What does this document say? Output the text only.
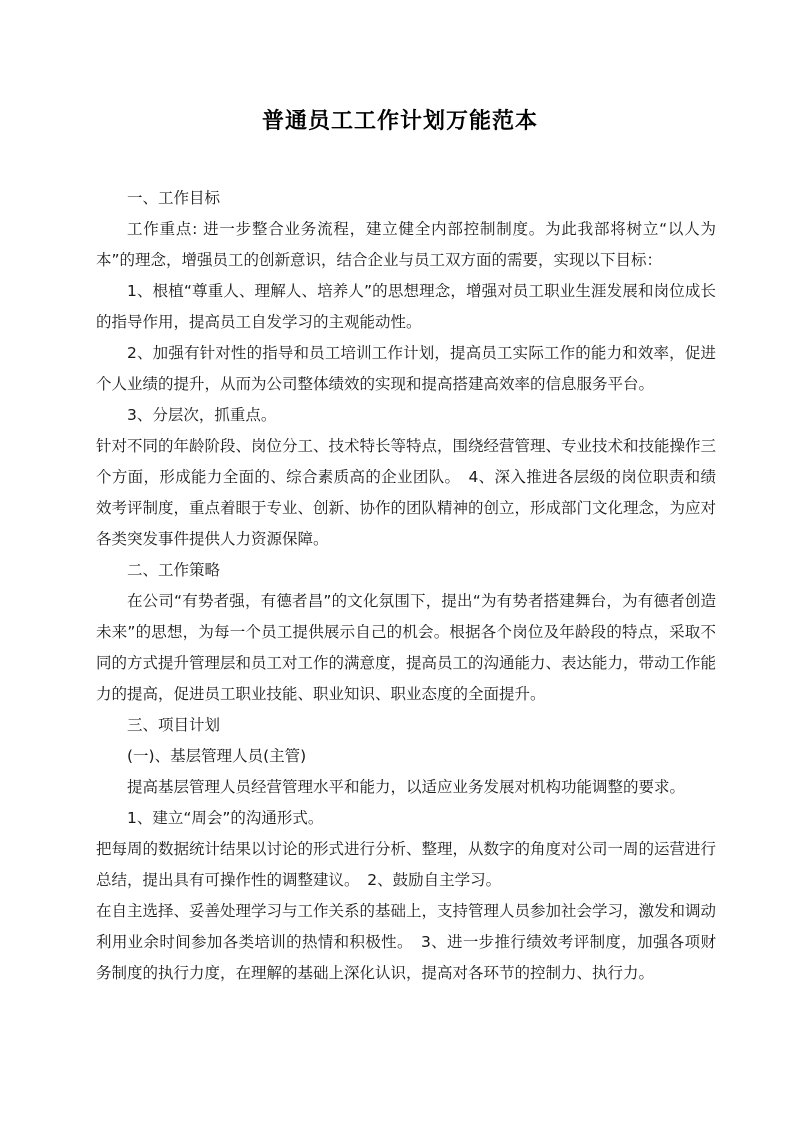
普通员工工作计划万能范本

一、工作目标

工作重点: 进一步整合业务流程，建立健全内部控制制度。为此我部将树立“以人为本”的理念，增强员工的创新意识，结合企业与员工双方面的需要，实现以下目标：

1、根植“尊重人、理解人、培养人”的思想理念，增强对员工职业生涯发展和岗位成长的指导作用，提高员工自发学习的主观能动性。

2、加强有针对性的指导和员工培训工作计划，提高员工实际工作的能力和效率，促进个人业绩的提升，从而为公司整体绩效的实现和提高搭建高效率的信息服务平台。

3、分层次，抓重点。

针对不同的年龄阶段、岗位分工、技术特长等特点，围绕经营管理、专业技术和技能操作三个方面，形成能力全面的、综合素质高的企业团队。　4、深入推进各层级的岗位职责和绩效考评制度，重点着眼于专业、创新、协作的团队精神的创立，形成部门文化理念，为应对各类突发事件提供人力资源保障。

二、工作策略

在公司“有势者强，有德者昌”的文化氛围下，提出“为有势者搭建舞台，为有德者创造未来”的思想，为每一个员工提供展示自己的机会。根据各个岗位及年龄段的特点，采取不同的方式提升管理层和员工对工作的满意度，提高员工的沟通能力、表达能力，带动工作能力的提高，促进员工职业技能、职业知识、职业态度的全面提升。

三、项目计划

(一)、基层管理人员(主管)

提高基层管理人员经营管理水平和能力，以适应业务发展对机构功能调整的要求。

1、建立“周会”的沟通形式。

把每周的数据统计结果以讨论的形式进行分析、整理，从数字的角度对公司一周的运营进行总结，提出具有可操作性的调整建议。　2、鼓励自主学习。

在自主选择、妥善处理学习与工作关系的基础上，支持管理人员参加社会学习，激发和调动利用业余时间参加各类培训的热情和积极性。　3、进一步推行绩效考评制度，加强各项财务制度的执行力度，在理解的基础上深化认识，提高对各环节的控制力、执行力。
